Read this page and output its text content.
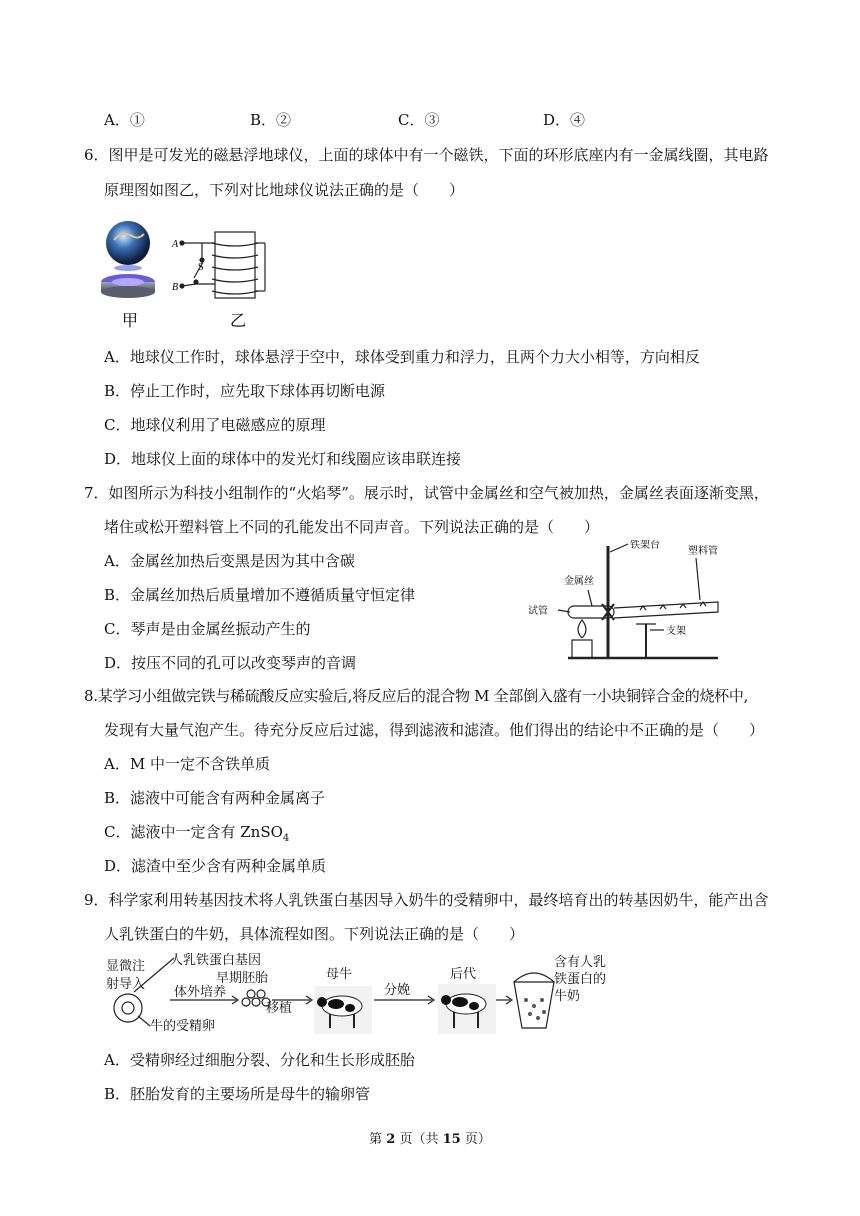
A．①	B．②	C．③	D．④
6．图甲是可发光的磁悬浮地球仪，上面的球体中有一个磁铁，下面的环形底座内有一金属线圈，其电路
原理图如图乙，下列对比地球仪说法正确的是（　　）
A
S
B
甲	乙
A．地球仪工作时，球体悬浮于空中，球体受到重力和浮力，且两个力大小相等，方向相反
B．停止工作时，应先取下球体再切断电源
C．地球仪利用了电磁感应的原理
D．地球仪上面的球体中的发光灯和线圈应该串联连接
7．如图所示为科技小组制作的“火焰琴”。展示时，试管中金属丝和空气被加热，金属丝表面逐渐变黑，
堵住或松开塑料管上不同的孔能发出不同声音。下列说法正确的是（　　）
A．金属丝加热后变黑是因为其中含碳
B．金属丝加热后质量增加不遵循质量守恒定律
C．琴声是由金属丝振动产生的
D．按压不同的孔可以改变琴声的音调
铁架台
金属丝
塑料管
试管
支架
8.某学习小组做完铁与稀硫酸反应实验后,将反应后的混合物 M 全部倒入盛有一小块铜锌合金的烧杯中,
发现有大量气泡产生。待充分反应后过滤，得到滤液和滤渣。他们得出的结论中不正确的是（　　）
A．M 中一定不含铁单质
B．滤液中可能含有两种金属离子
C．滤液中一定含有 ZnSO$_4$
D．滤渣中至少含有两种金属单质
9．科学家利用转基因技术将人乳铁蛋白基因导入奶牛的受精卵中，最终培育出的转基因奶牛，能产出含
人乳铁蛋白的牛奶，具体流程如图。下列说法正确的是（　　）
显微注
射导入
人乳铁蛋白基因
早期胚胎
体外培养
移植
牛的受精卵
母牛
分娩
后代
含有人乳
铁蛋白的
牛奶
A．受精卵经过细胞分裂、分化和生长形成胚胎
B．胚胎发育的主要场所是母牛的输卵管
第 2 页（共 15 页）
